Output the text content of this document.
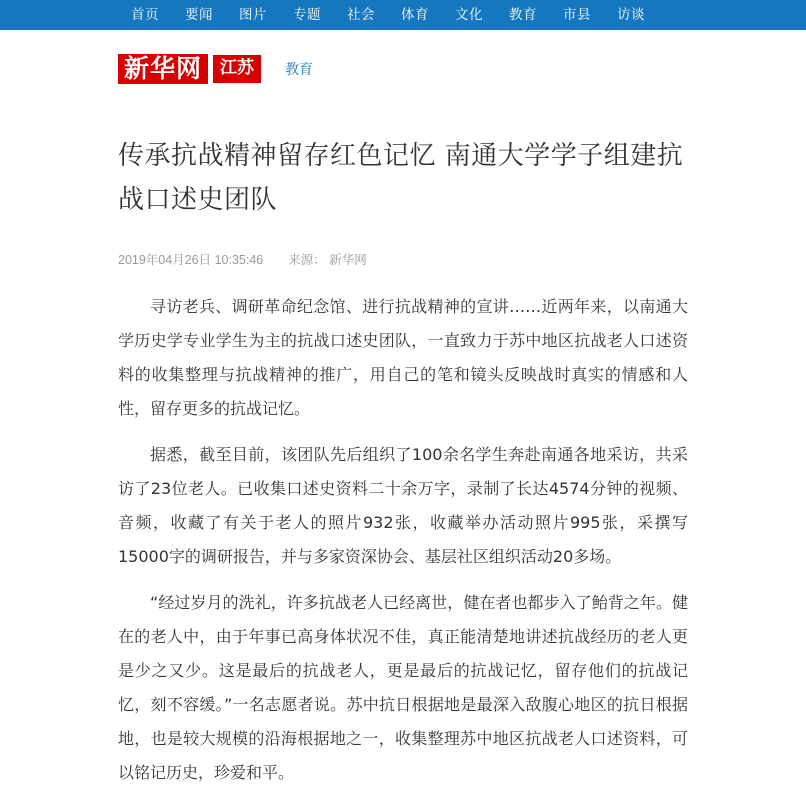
首页	要闻	图片	专题	社会	体育	文化	教育	市县	访谈
新华网	江苏	教育
传承抗战精神留存红色记忆 南通大学学子组建抗战口述史团队
2019年04月26日 10:35:46 来源： 新华网

寻访老兵、调研革命纪念馆、进行抗战精神的宣讲……近两年来，以南通大学历史学专业学生为主的抗战口述史团队，一直致力于苏中地区抗战老人口述资料的收集整理与抗战精神的推广，用自己的笔和镜头反映战时真实的情感和人性，留存更多的抗战记忆。

据悉，截至目前，该团队先后组织了100余名学生奔赴南通各地采访，共采访了23位老人。已收集口述史资料二十余万字，录制了长达4574分钟的视频、音频，收藏了有关于老人的照片932张，收藏举办活动照片995张，采撰写15000字的调研报告，并与多家资深协会、基层社区组织活动20多场。

“经过岁月的洗礼，许多抗战老人已经离世，健在者也都步入了鲐背之年。健在的老人中，由于年事已高身体状况不佳，真正能清楚地讲述抗战经历的老人更是少之又少。这是最后的抗战老人，更是最后的抗战记忆，留存他们的抗战记忆，刻不容缓。”一名志愿者说。苏中抗日根据地是最深入敌腹心地区的抗日根据地，也是较大规模的沿海根据地之一，收集整理苏中地区抗战老人口述资料，可以铭记历史，珍爱和平。
